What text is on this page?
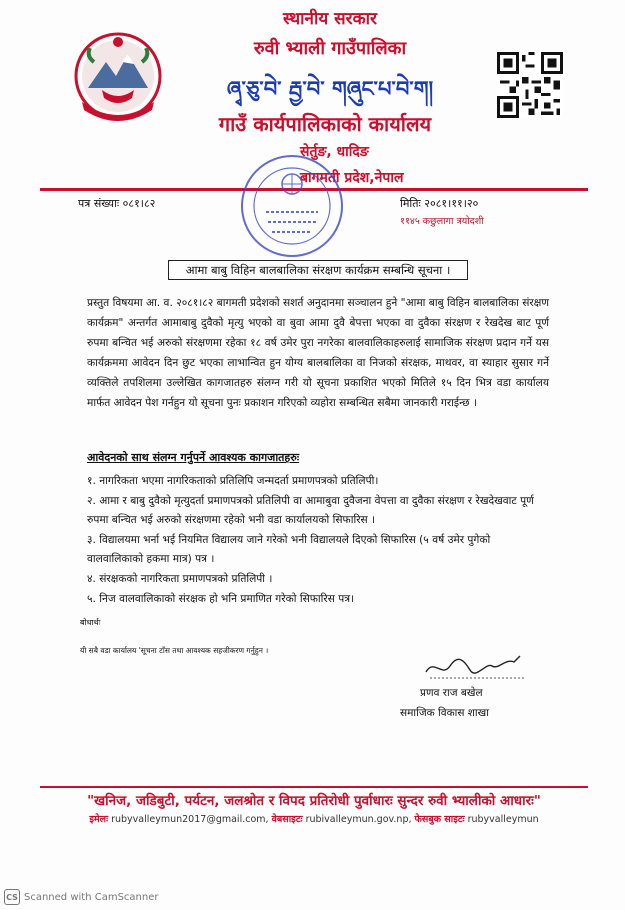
स्थानीय सरकार
रुवी भ्याली गाउँपालिका
ཞྭ་ཅུ་བེ་ རྦྱ་བེ་ གཞུང་པ་བེ་ག།
गाउँ कार्यपालिकाको कार्यालय
सेर्तुङ, धादिङ
बागमती प्रदेश,नेपाल
पत्र संख्याः ०८१।८२	मितिः २०८१।११।२०
११४५ कछुलागा त्रयोदशी
आमा बाबु विहिन बालबालिका संरक्षण कार्यक्रम सम्बन्धि सूचना ।

प्रस्तुत विषयमा आ. व. २०८१।८२ बागमती प्रदेशको सशर्त अनुदानमा सञ्चालन हुने "आमा बाबु विहिन बालबालिका संरक्षण कार्यक्रम" अन्तर्गत आमाबाबु दुवैको मृत्यु भएको वा बुवा आमा दुवै बेपत्ता भएका वा दुवैका संरक्षण र रेखदेख बाट पूर्ण रुपमा बन्चित भई अरुको संरक्षणमा रहेका १८ वर्ष उमेर पुरा नगरेका बालवालिकाहरुलाई सामाजिक संरक्षण प्रदान गर्ने यस कार्यक्रममा आवेदन दिन छुट भएका लाभान्वित हुन योग्य बालबालिका वा निजको संरक्षक, माथवर, वा स्याहार सुसार गर्ने व्यक्तिले तपशिलमा उल्लेखित कागजातहरु संलग्न गरी यो सूचना प्रकाशित भएको मितिले १५ दिन भित्र वडा कार्यालय मार्फत आवेदन पेश गर्नहुन यो सूचना पुनः प्रकाशन गरिएको व्यहोरा सम्बन्धित सबैमा जानकारी गराईन्छ ।

आवेदनको साथ संलग्न गर्नुपर्ने आवश्यक कागजातहरुः
१. नागरिकता भएमा नागरिकताको प्रतिलिपि जन्मदर्ता प्रमाणपत्रको प्रतिलिपी।
२. आमा र बाबु दुवैको मृत्युदर्ता प्रमाणपत्रको प्रतिलिपी वा आमाबुवा दुवैजना वेपत्ता वा दुवैका संरक्षण र रेखदेखवाट पूर्ण रुपमा बन्चित भई अरुको संरक्षणमा रहेको भनी वडा कार्यालयको सिफारिस ।
३. विद्यालयमा भर्ना भई नियमित विद्यालय जाने गरेको भनी विद्यालयले दिएको सिफारिस (५ वर्ष उमेर पुगेको वालवालिकाको हकमा मात्र) पत्र ।
४. संरक्षकको नागरिकता प्रमाणपत्रको प्रतिलिपी ।
५. निज वालवालिकाको संरक्षक हो भनि प्रमाणित गरेको सिफारिस पत्र।
बोधार्थः
यी सबै वडा कार्यालय 'सूचना टाँस तथा आवश्यक सहजीकरण गर्नुहुन ।
प्रणव राज बखेल
समाजिक विकास शाखा
"खनिज, जडिबुटी, पर्यटन, जलश्रोत र विपद प्रतिरोधी पुर्वाधारः सुन्दर रुवी भ्यालीको आधारः"
इमेलः rubyvalleymun2017@gmail.com, वेबसाइटः rubivalleymun.gov.np, फेसबुक साइटः rubyvalleymun
CS Scanned with CamScanner
